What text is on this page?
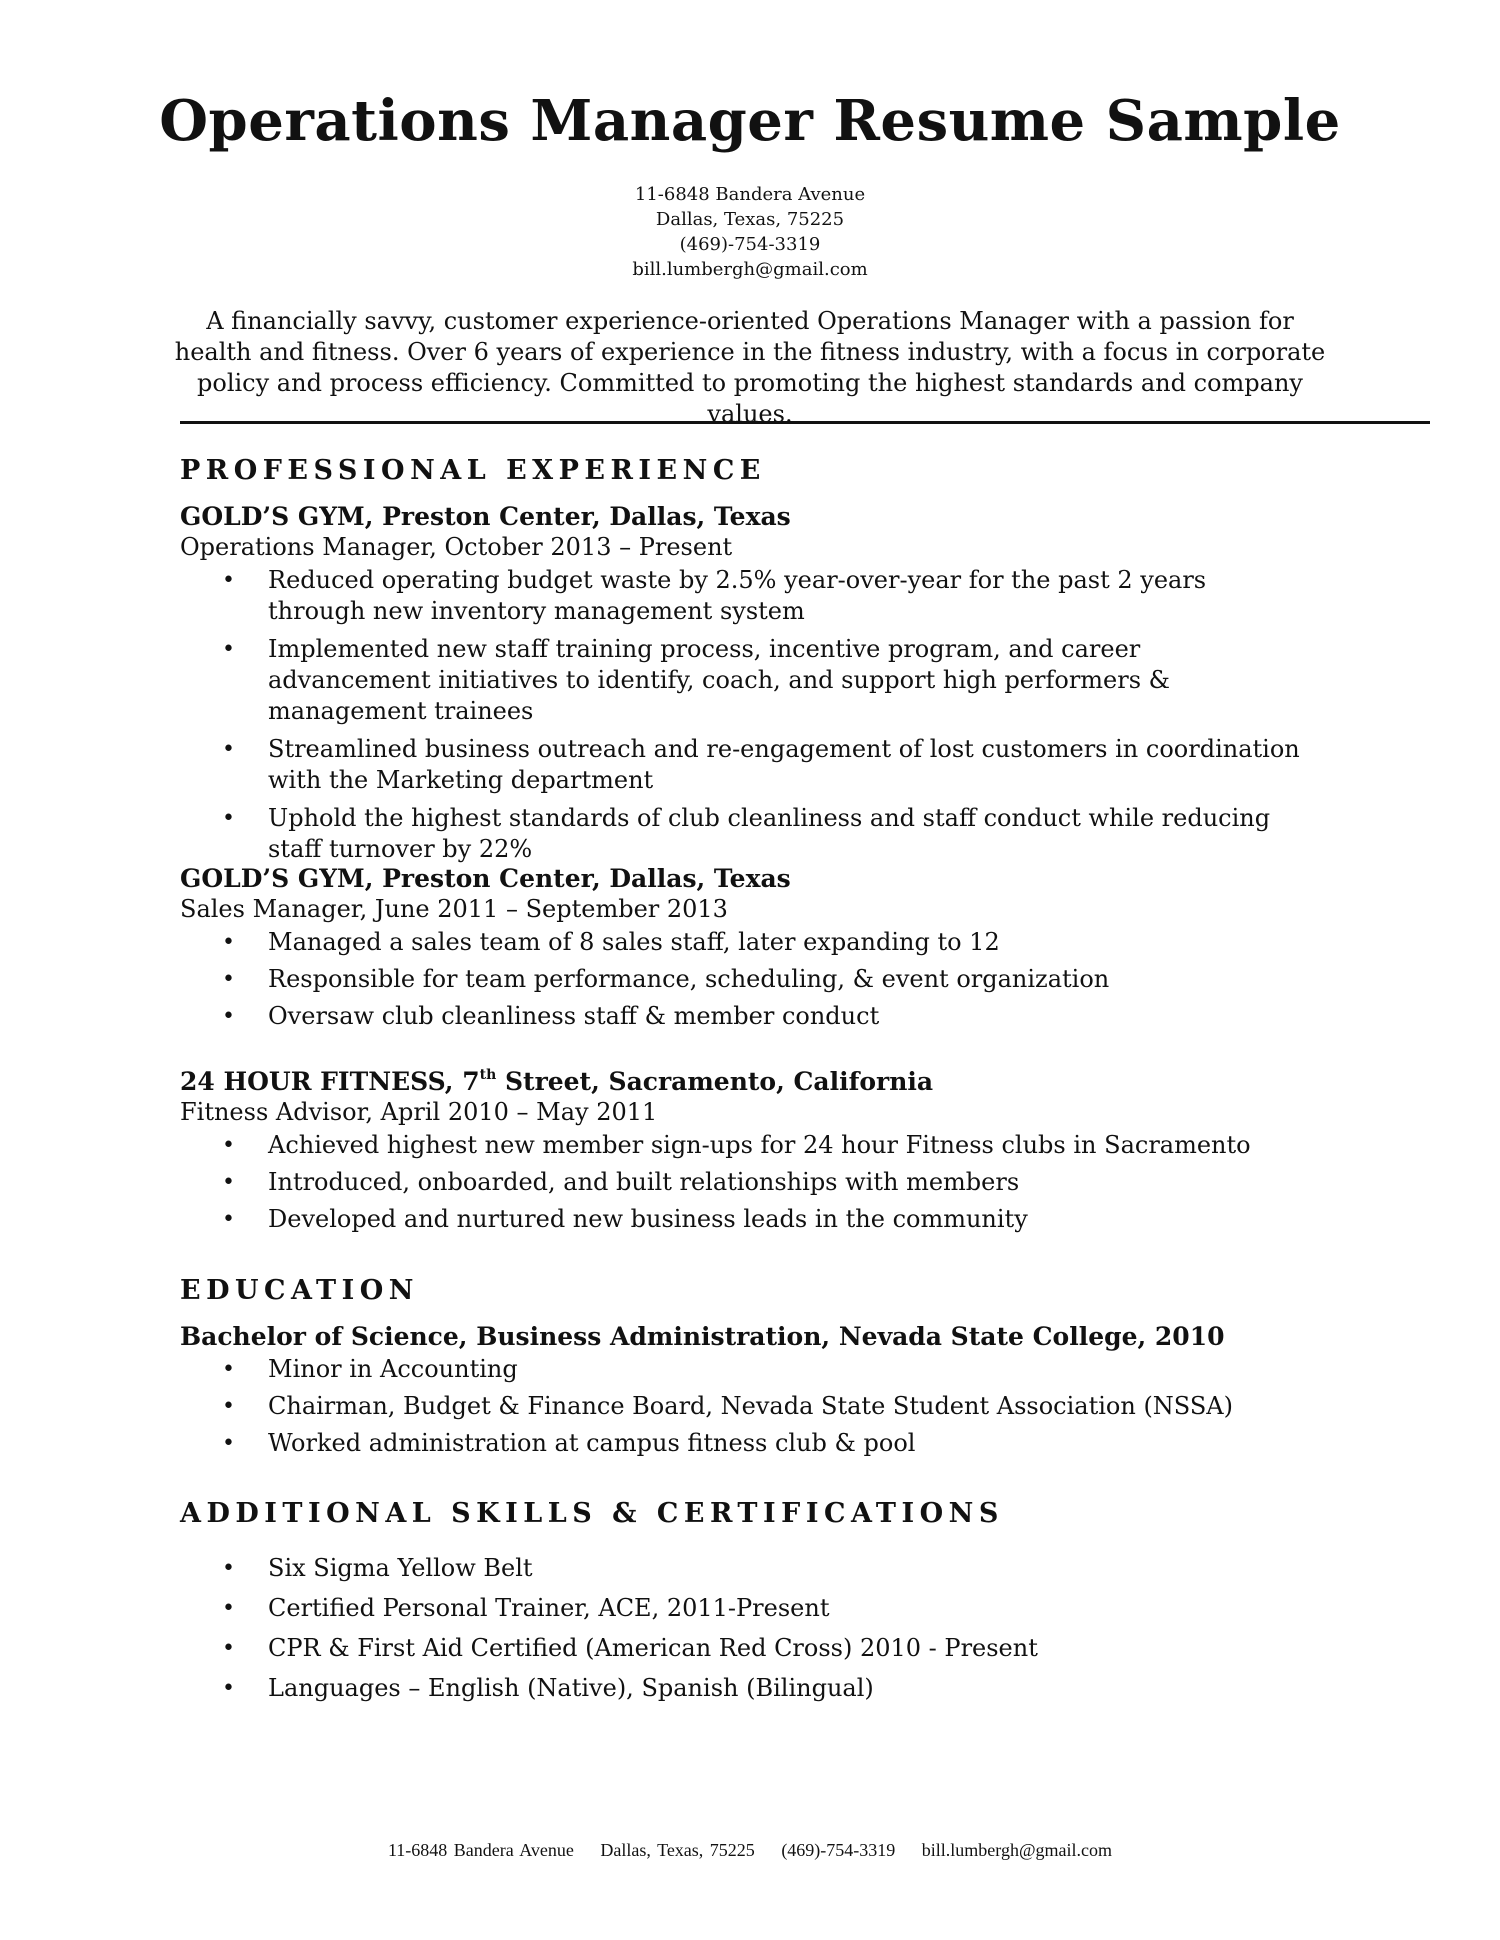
Operations Manager Resume Sample
11-6848 Bandera Avenue
Dallas, Texas, 75225
(469)-754-3319
bill.lumbergh@gmail.com
A financially savvy, customer experience-oriented Operations Manager with a passion for health and fitness. Over 6 years of experience in the fitness industry, with a focus in corporate policy and process efficiency. Committed to promoting the highest standards and company values.
PROFESSIONAL EXPERIENCE
GOLD’S GYM, Preston Center, Dallas, Texas
Operations Manager, October 2013 – Present
• Reduced operating budget waste by 2.5% year-over-year for the past 2 years through new inventory management system
• Implemented new staff training process, incentive program, and career advancement initiatives to identify, coach, and support high performers & management trainees
• Streamlined business outreach and re-engagement of lost customers in coordination with the Marketing department
• Uphold the highest standards of club cleanliness and staff conduct while reducing staff turnover by 22%
GOLD’S GYM, Preston Center, Dallas, Texas
Sales Manager, June 2011 – September 2013
• Managed a sales team of 8 sales staff, later expanding to 12
• Responsible for team performance, scheduling, & event organization
• Oversaw club cleanliness staff & member conduct
24 HOUR FITNESS, 7th Street, Sacramento, California
Fitness Advisor, April 2010 – May 2011
• Achieved highest new member sign-ups for 24 hour Fitness clubs in Sacramento
• Introduced, onboarded, and built relationships with members
• Developed and nurtured new business leads in the community
EDUCATION
Bachelor of Science, Business Administration, Nevada State College, 2010
• Minor in Accounting
• Chairman, Budget & Finance Board, Nevada State Student Association (NSSA)
• Worked administration at campus fitness club & pool
ADDITIONAL SKILLS & CERTIFICATIONS
• Six Sigma Yellow Belt
• Certified Personal Trainer, ACE, 2011-Present
• CPR & First Aid Certified (American Red Cross) 2010 - Present
• Languages – English (Native), Spanish (Bilingual)
11-6848 Bandera Avenue Dallas, Texas, 75225 (469)-754-3319 bill.lumbergh@gmail.com
